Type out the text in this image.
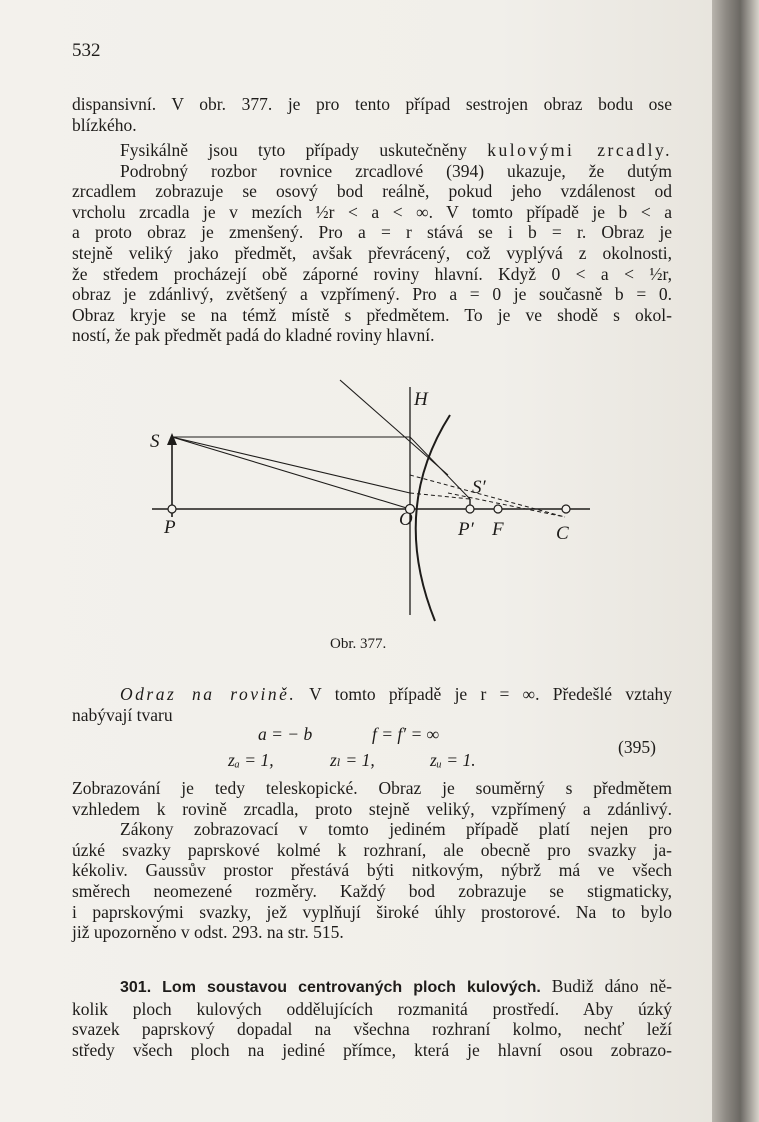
532
dispansivní. V obr. 377. je pro tento případ sestrojen obraz bodu ose
blízkého.
Fysikálně jsou tyto případy uskutečněny kulovými zrcadly.
Podrobný rozbor rovnice zrcadlové (394) ukazuje, že dutým
zrcadlem zobrazuje se osový bod reálně, pokud jeho vzdálenost od
vrcholu zrcadla je v mezích ½r < a < ∞. V tomto případě je b < a
a proto obraz je zmenšený. Pro a = r stává se i b = r. Obraz je
stejně veliký jako předmět, avšak převrácený, což vyplývá z okolnosti,
že středem procházejí obě záporné roviny hlavní. Když 0 < a < ½r,
obraz je zdánlivý, zvětšený a vzpřímený. Pro a = 0 je současně b = 0.
Obraz kryje se na témž místě s předmětem. To je ve shodě s okol-
ností, že pak předmět padá do kladné roviny hlavní.
S
H
S′
P	O P′ F	C
Obr. 377.
Odraz na rovině. V tomto případě je r = ∞. Předešlé vztahy
nabývají tvaru
a = − b	f = f′ = ∞
zₐ = 1,	zₗ = 1,	zᵤ = 1.
(395)
Zobrazování je tedy teleskopické. Obraz je souměrný s předmětem
vzhledem k rovině zrcadla, proto stejně veliký, vzpřímený a zdánlivý.
Zákony zobrazovací v tomto jediném případě platí nejen pro
úzké svazky paprskové kolmé k rozhraní, ale obecně pro svazky ja-
kékoliv. Gaussův prostor přestává býti nitkovým, nýbrž má ve všech
směrech neomezené rozměry. Každý bod zobrazuje se stigmaticky,
i paprskovými svazky, jež vyplňují široké úhly prostorové. Na to bylo
již upozorněno v odst. 293. na str. 515.
301. Lom soustavou centrovaných ploch kulových. Budiž dáno ně-
kolik ploch kulových oddělujících rozmanitá prostředí. Aby úzký
svazek paprskový dopadal na všechna rozhraní kolmo, nechť leží
středy všech ploch na jediné přímce, která je hlavní osou zobrazo-
